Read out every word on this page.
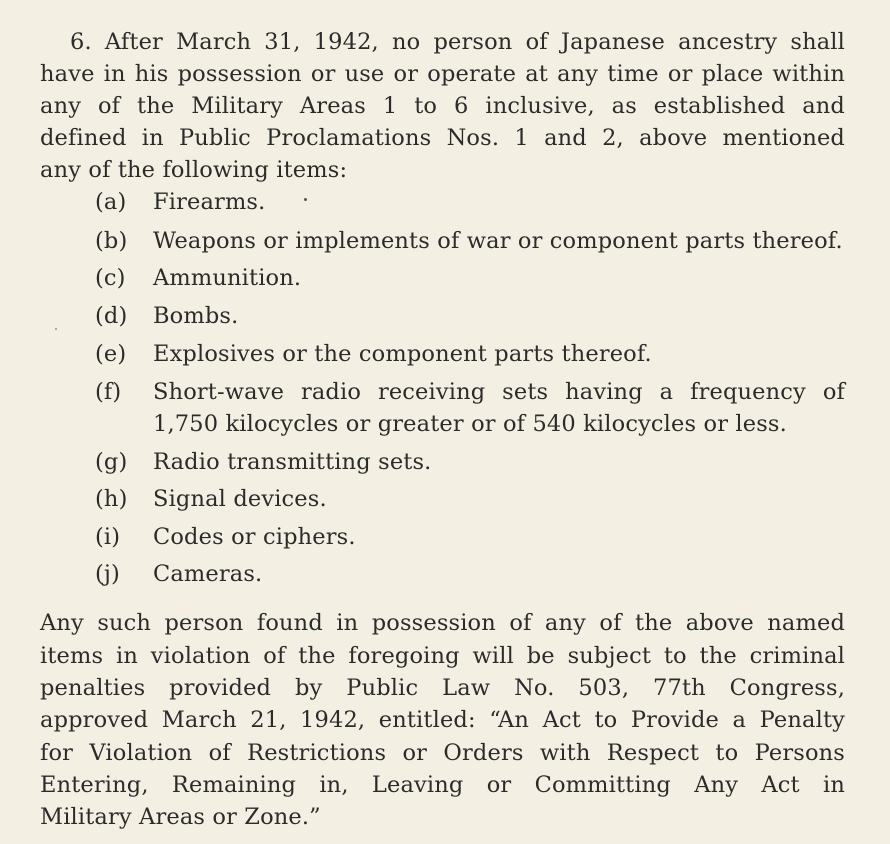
6. After March 31, 1942, no person of Japanese ancestry shall
have in his possession or use or operate at any time or place within
any of the Military Areas 1 to 6 inclusive, as established and
defined in Public Proclamations Nos. 1 and 2, above mentioned
any of the following items:
(a) Firearms.
(b) Weapons or implements of war or component parts thereof.
(c) Ammunition.
(d) Bombs.
(e) Explosives or the component parts thereof.
(f) Short-wave radio receiving sets having a frequency of
1,750 kilocycles or greater or of 540 kilocycles or less.
(g) Radio transmitting sets.
(h) Signal devices.
(i) Codes or ciphers.
(j) Cameras.
Any such person found in possession of any of the above named
items in violation of the foregoing will be subject to the criminal
penalties provided by Public Law No. 503, 77th Congress,
approved March 21, 1942, entitled: “An Act to Provide a Penalty
for Violation of Restrictions or Orders with Respect to Persons
Entering, Remaining in, Leaving or Committing Any Act in
Military Areas or Zone.”
